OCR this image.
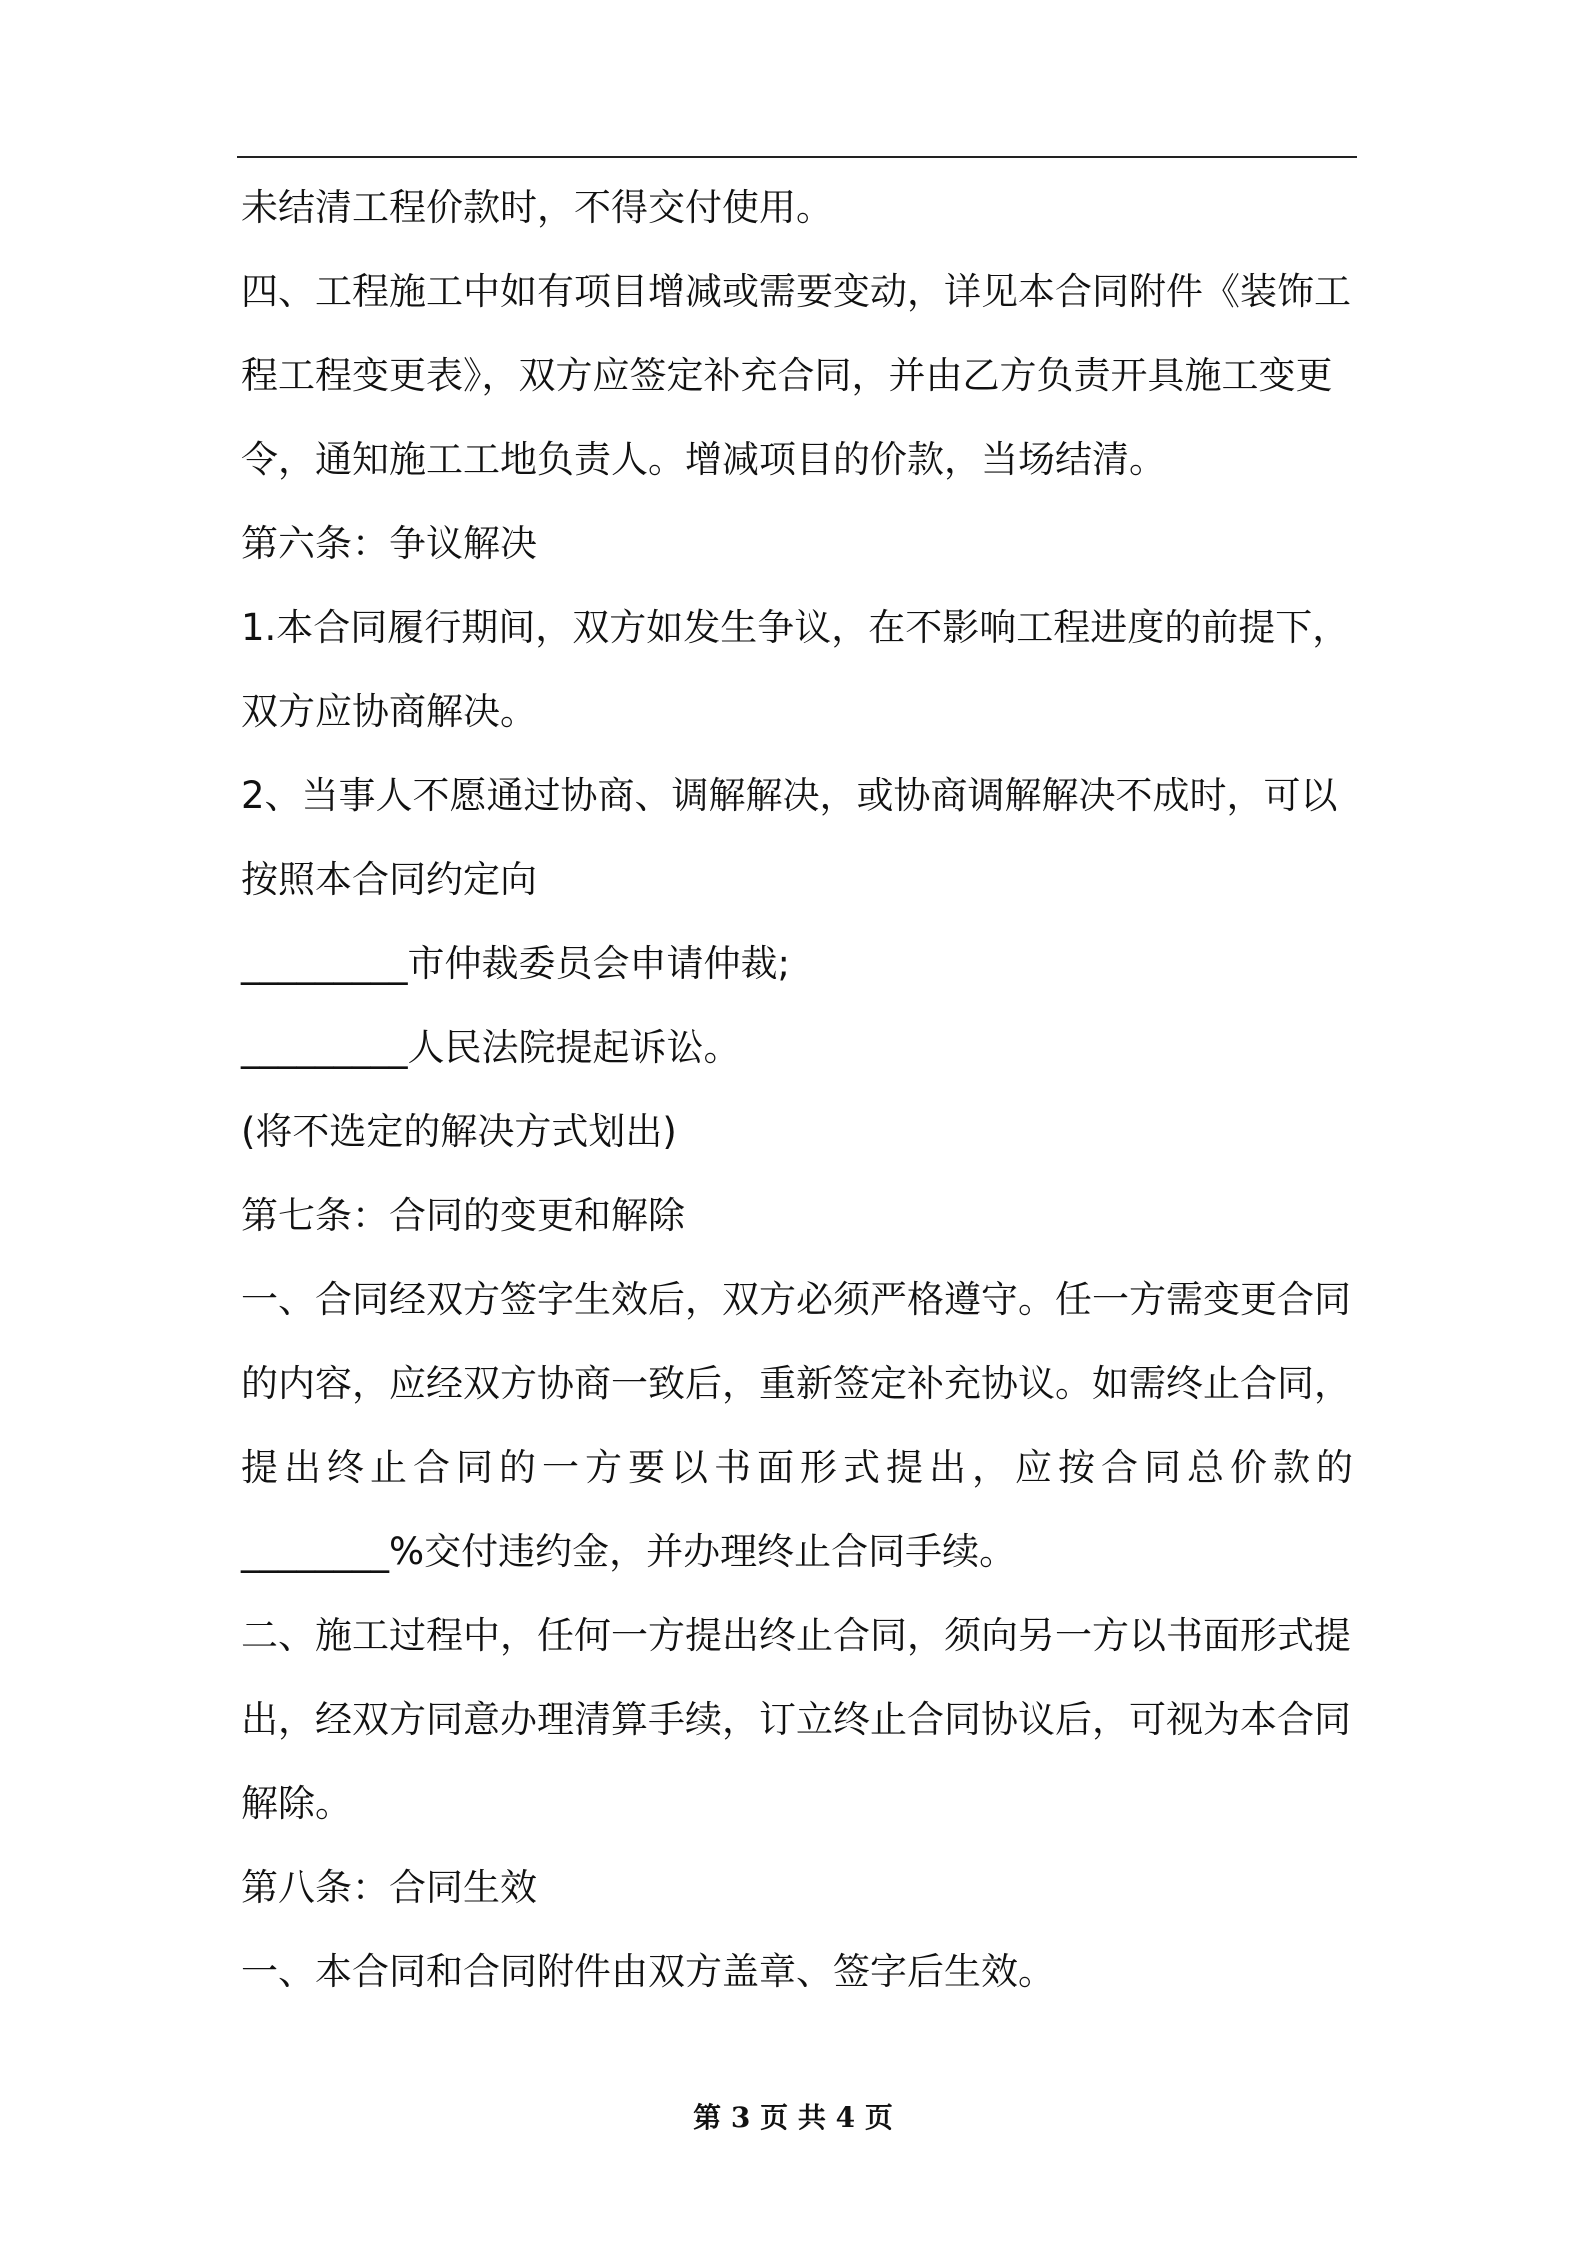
未结清工程价款时，不得交付使用。
四、工程施工中如有项目增减或需要变动，详见本合同附件《装饰工
程工程变更表》，双方应签定补充合同，并由乙方负责开具施工变更
令，通知施工工地负责人。增减项目的价款，当场结清。
第六条：争议解决
1.本合同履行期间，双方如发生争议，在不影响工程进度的前提下，
双方应协商解决。
2、当事人不愿通过协商、调解解决，或协商调解解决不成时，可以
按照本合同约定向
_________市仲裁委员会申请仲裁;
_________人民法院提起诉讼。
(将不选定的解决方式划出)
第七条：合同的变更和解除
一、合同经双方签字生效后，双方必须严格遵守。任一方需变更合同
的内容，应经双方协商一致后，重新签定补充协议。如需终止合同，
提出终止合同的一方要以书面形式提出，应按合同总价款的
________%交付违约金，并办理终止合同手续。
二、施工过程中，任何一方提出终止合同，须向另一方以书面形式提
出，经双方同意办理清算手续，订立终止合同协议后，可视为本合同
解除。
第八条：合同生效
一、本合同和合同附件由双方盖章、签字后生效。
第 3 页 共 4 页
